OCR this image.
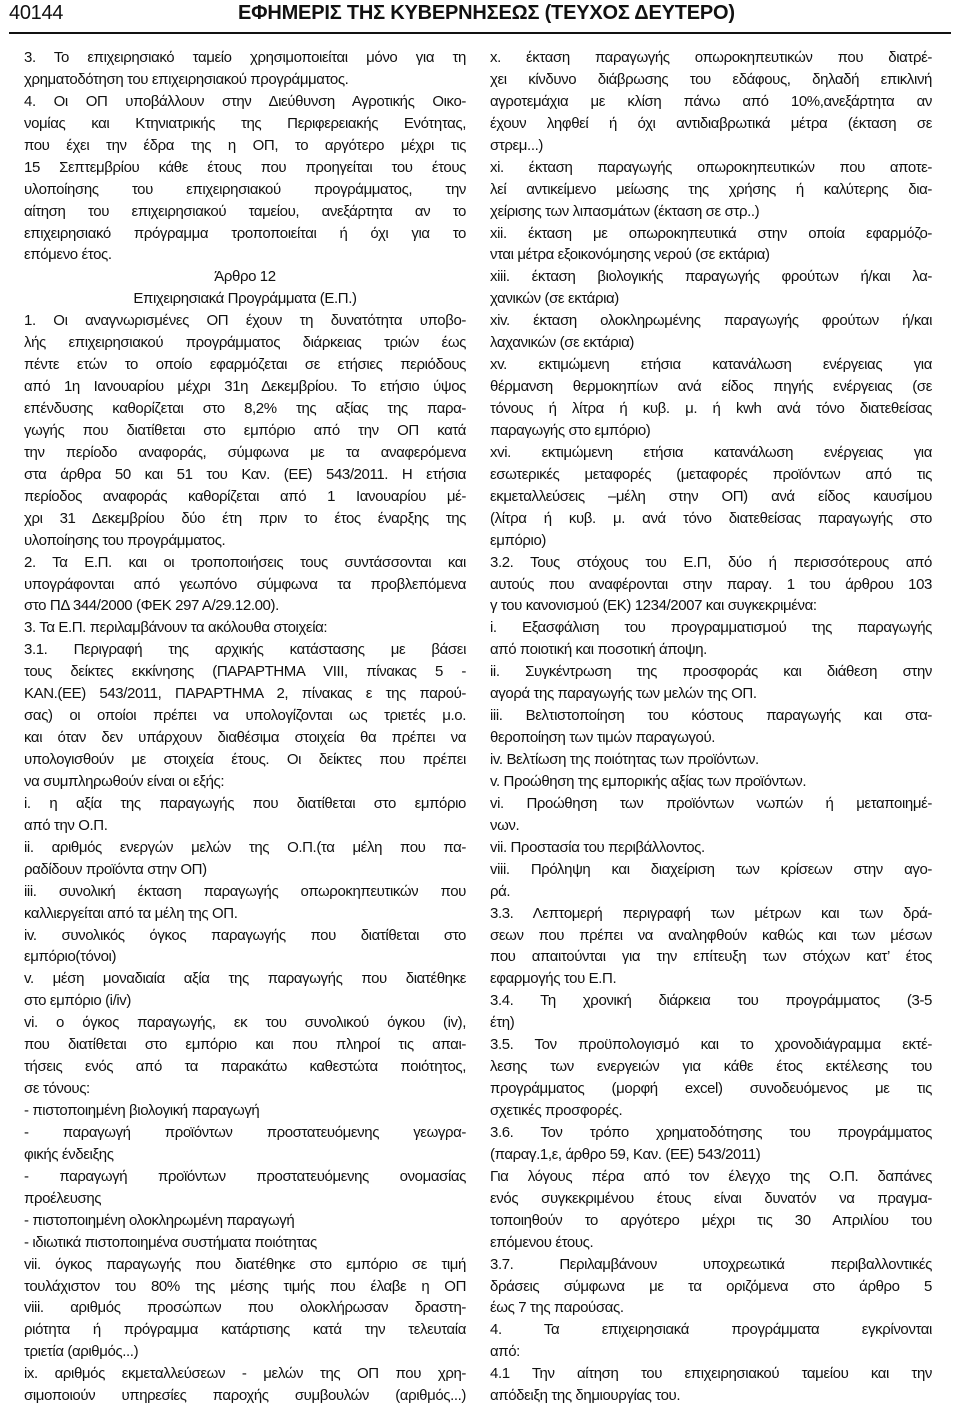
40144	ΕΦΗΜΕΡΙΣ ΤΗΣ ΚΥΒΕΡΝΗΣΕΩΣ (ΤΕΥΧΟΣ ΔΕΥΤΕΡΟ)
3. Το επιχειρησιακό ταμείο χρησιμοποιείται μόνο για τη
χρηματοδότηση του επιχειρησιακού προγράμματος.
4. Οι ΟΠ υποβάλλουν στην Διεύθυνση Αγροτικής Οικο-
νομίας και Κτηνιατρικής της Περιφερειακής Ενότητας,
που έχει την έδρα της η ΟΠ, το αργότερο μέχρι τις
15 Σεπτεμβρίου κάθε έτους που προηγείται του έτους
υλοποίησης του επιχειρησιακού προγράμματος, την
αίτηση του επιχειρησιακού ταμείου, ανεξάρτητα αν το
επιχειρησιακό πρόγραμμα τροποποιείται ή όχι για το
επόμενο έτος.
Άρθρο 12
Επιχειρησιακά Προγράμματα (Ε.Π.)
1. Οι αναγνωρισμένες ΟΠ έχουν τη δυνατότητα υποβο-
λής επιχειρησιακού προγράμματος διάρκειας τριών έως
πέντε ετών το οποίο εφαρμόζεται σε ετήσιες περιόδους
από 1η Ιανουαρίου μέχρι 31η Δεκεμβρίου. Το ετήσιο ύψος
επένδυσης καθορίζεται στο 8,2% της αξίας της παρα-
γωγής που διατίθεται στο εμπόριο από την ΟΠ κατά
την περίοδο αναφοράς, σύμφωνα με τα αναφερόμενα
στα άρθρα 50 και 51 του Καν. (ΕΕ) 543/2011. Η ετήσια
περίοδος αναφοράς καθορίζεται από 1 Ιανουαρίου μέ-
χρι 31 Δεκεμβρίου δύο έτη πριν το έτος έναρξης της
υλοποίησης του προγράμματος.
2. Τα Ε.Π. και οι τροποποιήσεις τους συντάσσονται και
υπογράφονται από γεωπόνο σύμφωνα τα προβλεπόμενα
στο ΠΔ 344/2000 (ΦΕΚ 297 Α/29.12.00).
3. Τα Ε.Π. περιλαμβάνουν τα ακόλουθα στοιχεία:
3.1. Περιγραφή της αρχικής κατάστασης με βάσει
τους δείκτες εκκίνησης (ΠΑΡΑΡΤΗΜΑ VIII, πίνακας 5 -
ΚΑΝ.(ΕΕ) 543/2011, ΠΑΡΑΡΤΗΜΑ 2, πίνακας ε της παρού-
σας) οι οποίοι πρέπει να υπολογίζονται ως τριετές μ.ο.
και όταν δεν υπάρχουν διαθέσιμα στοιχεία θα πρέπει να
υπολογισθούν με στοιχεία έτους. Οι δείκτες που πρέπει
να συμπληρωθούν είναι οι εξής:
i. η αξία της παραγωγής που διατίθεται στο εμπόριο
από την Ο.Π.
ii. αριθμός ενεργών μελών της Ο.Π.(τα μέλη που πα-
ραδίδουν προϊόντα στην ΟΠ)
iii. συνολική έκταση παραγωγής οπωροκηπευτικών που
καλλιεργείται από τα μέλη της ΟΠ.
iv. συνολικός όγκος παραγωγής που διατίθεται στο
εμπόριο(τόνοι)
v. μέση μοναδιαία αξία της παραγωγής που διατέθηκε
στο εμπόριο (i/iv)
vi. ο όγκος παραγωγής, εκ του συνολικού όγκου (iv),
που διατίθεται στο εμπόριο και που πληροί τις απαι-
τήσεις ενός από τα παρακάτω καθεστώτα ποιότητος,
σε τόνους:
- πιστοποιημένη βιολογική παραγωγή
- παραγωγή προϊόντων προστατευόμενης γεωγρα-
φικής ένδειξης
- παραγωγή προϊόντων προστατευόμενης ονομασίας
προέλευσης
- πιστοποιημένη ολοκληρωμένη παραγωγή
- ιδιωτικά πιστοποιημένα συστήματα ποιότητας
vii. όγκος παραγωγής που διατέθηκε στο εμπόριο σε τιμή
τουλάχιστον του 80% της μέσης τιμής που έλαβε η ΟΠ
viii. αριθμός προσώπων που ολοκλήρωσαν δραστη-
ριότητα ή πρόγραμμα κατάρτισης κατά την τελευταία
τριετία (αριθμός...)
ix. αριθμός εκμεταλλεύσεων - μελών της ΟΠ που χρη-
σιμοποιούν υπηρεσίες παροχής συμβουλών (αριθμός...)
x. έκταση παραγωγής οπωροκηπευτικών που διατρέ-
χει κίνδυνο διάβρωσης του εδάφους, δηλαδή επικλινή
αγροτεμάχια με κλίση πάνω από 10%,ανεξάρτητα αν
έχουν ληφθεί ή όχι αντιδιαβρωτικά μέτρα (έκταση σε
στρεμ...)
xi. έκταση παραγωγής οπωροκηπευτικών που αποτε-
λεί αντικείμενο μείωσης της χρήσης ή καλύτερης δια-
χείρισης των λιπασμάτων (έκταση σε στρ..)
xii. έκταση με οπωροκηπευτικά στην οποία εφαρμόζο-
νται μέτρα εξοικονόμησης νερού (σε εκτάρια)
xiii. έκταση βιολογικής παραγωγής φρούτων ή/και λα-
χανικών (σε εκτάρια)
xiv. έκταση ολοκληρωμένης παραγωγής φρούτων ή/και
λαχανικών (σε εκτάρια)
xv. εκτιμώμενη ετήσια κατανάλωση ενέργειας για
θέρμανση θερμοκηπίων ανά είδος πηγής ενέργειας (σε
τόνους ή λίτρα ή κυβ. μ. ή kwh ανά τόνο διατεθείσας
παραγωγής στο εμπόριο)
xvi. εκτιμώμενη ετήσια κατανάλωση ενέργειας για
εσωτερικές μεταφορές (μεταφορές προϊόντων από τις
εκμεταλλεύσεις –μέλη στην ΟΠ) ανά είδος καυσίμου
(λίτρα ή κυβ. μ. ανά τόνο διατεθείσας παραγωγής στο
εμπόριο)
3.2. Τους στόχους του Ε.Π, δύο ή περισσότερους από
αυτούς που αναφέρονται στην παραγ. 1 του άρθρου 103
γ του κανονισμού (ΕΚ) 1234/2007 και συγκεκριμένα:
i. Εξασφάλιση του προγραμματισμού της παραγωγής
από ποιοτική και ποσοτική άποψη.
ii. Συγκέντρωση της προσφοράς και διάθεση στην
αγορά της παραγωγής των μελών της ΟΠ.
iii. Βελτιστοποίηση του κόστους παραγωγής και στα-
θεροποίηση των τιμών παραγωγού.
iv. Βελτίωση της ποιότητας των προϊόντων.
v. Προώθηση της εμπορικής αξίας των προϊόντων.
vi. Προώθηση των προϊόντων νωπών ή μεταποιημέ-
νων.
vii. Προστασία του περιβάλλοντος.
viii. Πρόληψη και διαχείριση των κρίσεων στην αγο-
ρά.
3.3. Λεπτομερή περιγραφή των μέτρων και των δρά-
σεων που πρέπει να αναληφθούν καθώς και των μέσων
που απαιτούνται για την επίτευξη των στόχων κατ’ έτος
εφαρμογής του Ε.Π.
3.4. Τη χρονική διάρκεια του προγράμματος (3-5
έτη)
3.5. Τον προϋπολογισμό και το χρονοδιάγραμμα εκτέ-
λεσης των ενεργειών για κάθε έτος εκτέλεσης του
προγράμματος (μορφή excel) συνοδευόμενος με τις
σχετικές προσφορές.
3.6. Τον τρόπο χρηματοδότησης του προγράμματος
(παραγ.1,ε, άρθρο 59, Καν. (ΕΕ) 543/2011)
Για λόγους πέρα από τον έλεγχο της Ο.Π. δαπάνες
ενός συγκεκριμένου έτους είναι δυνατόν να πραγμα-
τοποιηθούν το αργότερο μέχρι τις 30 Απριλίου του
επόμενου έτους.
3.7. Περιλαμβάνουν υποχρεωτικά περιβαλλοντικές
δράσεις σύμφωνα με τα οριζόμενα στο άρθρο 5
έως 7 της παρούσας.
4. Τα επιχειρησιακά προγράμματα εγκρίνονται
από:
4.1 Την αίτηση του επιχειρησιακού ταμείου και την
απόδειξη της δημιουργίας του.
